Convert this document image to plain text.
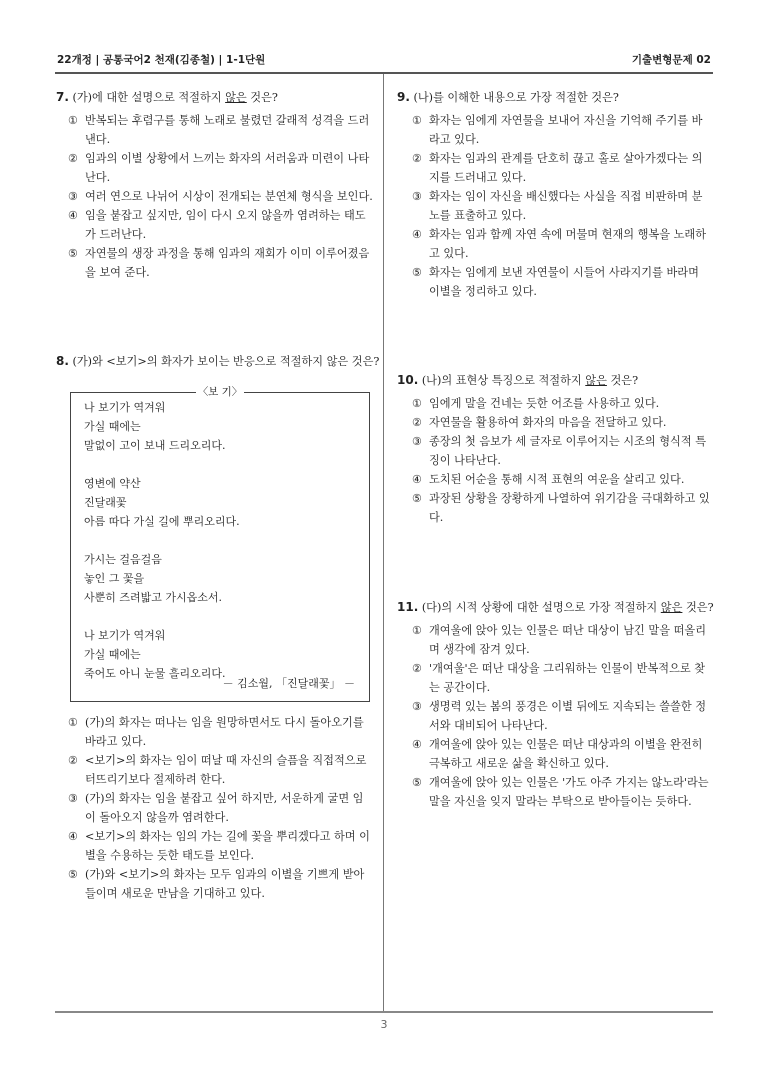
22개정 | 공통국어2 천재(김종철) | 1-1단원	기출변형문제 02
7. (가)에 대한 설명으로 적절하지 않은 것은?
① 반복되는 후렴구를 통해 노래로 불렸던 갈래적 성격을 드러낸다.
② 임과의 이별 상황에서 느끼는 화자의 서러움과 미련이 나타난다.
③ 여러 연으로 나뉘어 시상이 전개되는 분연체 형식을 보인다.
④ 임을 붙잡고 싶지만, 임이 다시 오지 않을까 염려하는 태도가 드러난다.
⑤ 자연물의 생장 과정을 통해 임과의 재회가 이미 이루어졌음을 보여 준다.
8. (가)와 <보기>의 화자가 보이는 반응으로 적절하지 않은 것은?
〈보 기〉
나 보기가 역겨워
가실 때에는
말없이 고이 보내 드리오리다.
영변에 약산
진달래꽃
아름 따다 가실 길에 뿌리오리다.
가시는 걸음걸음
놓인 그 꽃을
사뿐히 즈려밟고 가시옵소서.
나 보기가 역겨워
가실 때에는
죽어도 아니 눈물 흘리오리다.
－ 김소월, 「진달래꽃」 －
① (가)의 화자는 떠나는 임을 원망하면서도 다시 돌아오기를 바라고 있다.
② <보기>의 화자는 임이 떠날 때 자신의 슬픔을 직접적으로 터뜨리기보다 절제하려 한다.
③ (가)의 화자는 임을 붙잡고 싶어 하지만, 서운하게 굴면 임이 돌아오지 않을까 염려한다.
④ <보기>의 화자는 임의 가는 길에 꽃을 뿌리겠다고 하며 이별을 수용하는 듯한 태도를 보인다.
⑤ (가)와 <보기>의 화자는 모두 임과의 이별을 기쁘게 받아들이며 새로운 만남을 기대하고 있다.
9. (나)를 이해한 내용으로 가장 적절한 것은?
① 화자는 임에게 자연물을 보내어 자신을 기억해 주기를 바라고 있다.
② 화자는 임과의 관계를 단호히 끊고 홀로 살아가겠다는 의지를 드러내고 있다.
③ 화자는 임이 자신을 배신했다는 사실을 직접 비판하며 분노를 표출하고 있다.
④ 화자는 임과 함께 자연 속에 머물며 현재의 행복을 노래하고 있다.
⑤ 화자는 임에게 보낸 자연물이 시들어 사라지기를 바라며 이별을 정리하고 있다.
10. (나)의 표현상 특징으로 적절하지 않은 것은?
① 임에게 말을 건네는 듯한 어조를 사용하고 있다.
② 자연물을 활용하여 화자의 마음을 전달하고 있다.
③ 종장의 첫 음보가 세 글자로 이루어지는 시조의 형식적 특징이 나타난다.
④ 도치된 어순을 통해 시적 표현의 여운을 살리고 있다.
⑤ 과장된 상황을 장황하게 나열하여 위기감을 극대화하고 있다.
11. (다)의 시적 상황에 대한 설명으로 가장 적절하지 않은 것은?
① 개여울에 앉아 있는 인물은 떠난 대상이 남긴 말을 떠올리며 생각에 잠겨 있다.
② '개여울'은 떠난 대상을 그리워하는 인물이 반복적으로 찾는 공간이다.
③ 생명력 있는 봄의 풍경은 이별 뒤에도 지속되는 쓸쓸한 정서와 대비되어 나타난다.
④ 개여울에 앉아 있는 인물은 떠난 대상과의 이별을 완전히 극복하고 새로운 삶을 확신하고 있다.
⑤ 개여울에 앉아 있는 인물은 '가도 아주 가지는 않노라'라는 말을 자신을 잊지 말라는 부탁으로 받아들이는 듯하다.
3
